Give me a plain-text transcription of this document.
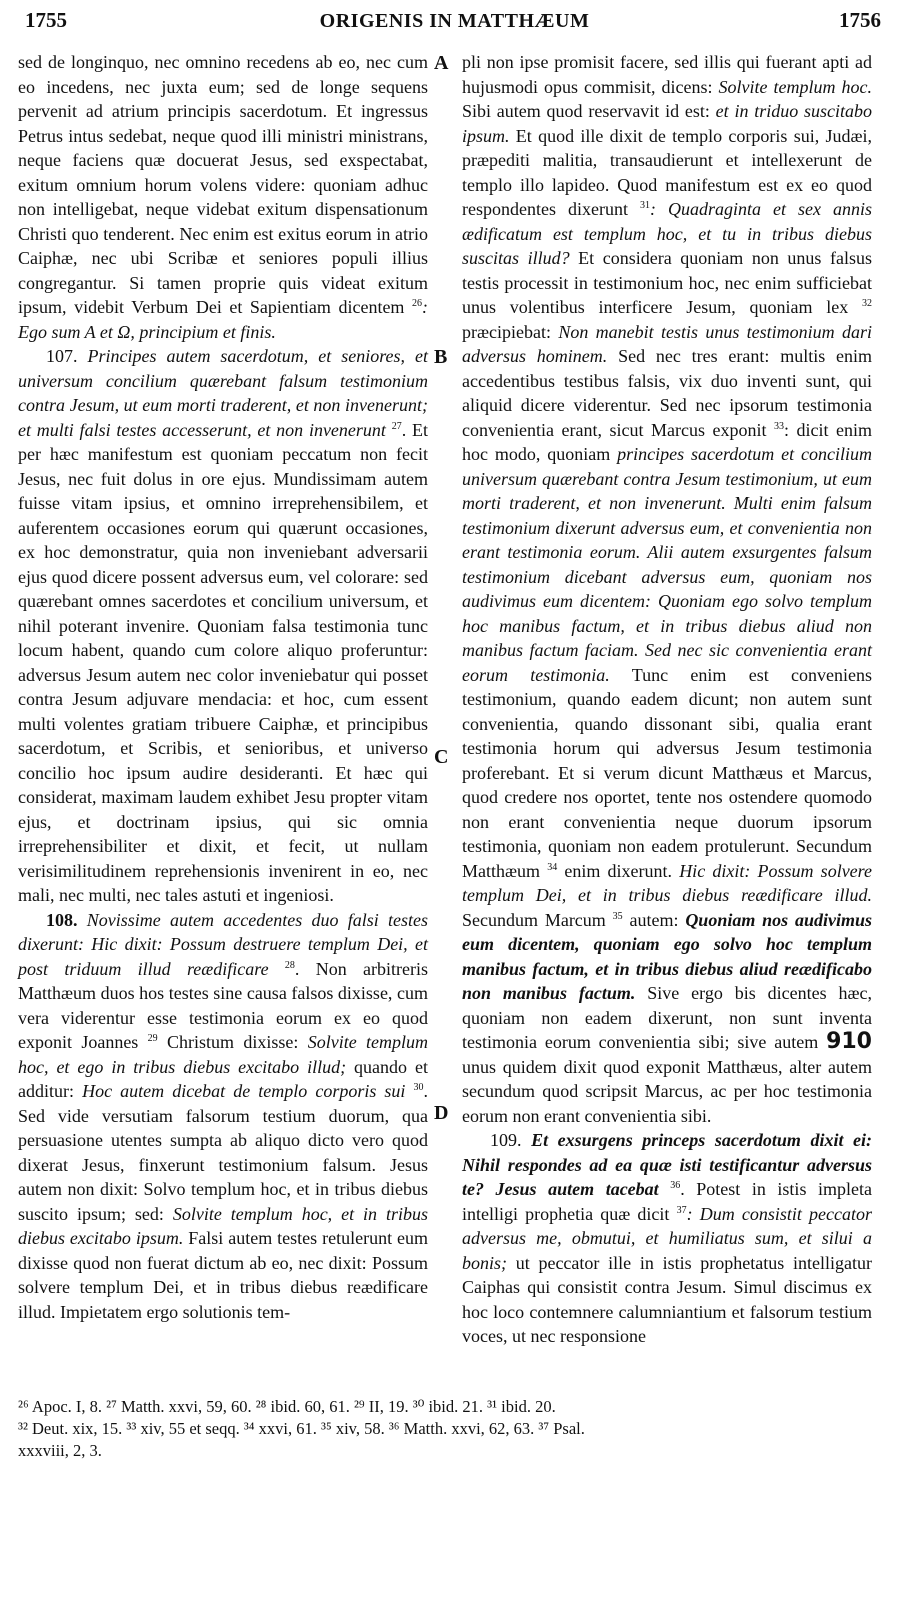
1755	ORIGENIS IN MATTHÆUM	1756
A
B
C
D

sed de longinquo, nec omnino recedens ab eo, nec cum eo incedens, nec juxta eum; sed de longe sequens pervenit ad atrium principis sacerdotum. Et ingressus Petrus intus sedebat, neque quod illi ministri ministrans, neque faciens quæ docuerat Jesus, sed exspectabat, exitum omnium horum volens videre: quoniam adhuc non intelligebat, neque videbat exitum dispensationum Christi quo tenderent. Nec enim est exitus eorum in atrio Caiphæ, nec ubi Scribæ et seniores populi illius congregantur. Si tamen proprie quis videat exitum ipsum, videbit Verbum Dei et Sapientiam dicentem $^{26}$: Ego sum A et Ω, principium et finis.

107. Principes autem sacerdotum, et seniores, et universum concilium quærebant falsum testimonium contra Jesum, ut eum morti traderent, et non invenerunt; et multi falsi testes accesserunt, et non invenerunt $^{27}$. Et per hæc manifestum est quoniam peccatum non fecit Jesus, nec fuit dolus in ore ejus. Mundissimam autem fuisse vitam ipsius, et omnino irreprehensibilem, et auferentem occasiones eorum qui quærunt occasiones, ex hoc demonstratur, quia non inveniebant adversarii ejus quod dicere possent adversus eum, vel colorare: sed quærebant omnes sacerdotes et concilium universum, et nihil poterant invenire. Quoniam falsa testimonia tunc locum habent, quando cum colore aliquo proferuntur: adversus Jesum autem nec color inveniebatur qui posset contra Jesum adjuvare mendacia: et hoc, cum essent multi volentes gratiam tribuere Caiphæ, et principibus sacerdotum, et Scribis, et senioribus, et universo concilio hoc ipsum audire desideranti. Et hæc qui considerat, maximam laudem exhibet Jesu propter vitam ejus, et doctrinam ipsius, qui sic omnia irreprehensibiliter et dixit, et fecit, ut nullam verisimilitudinem reprehensionis invenirent in eo, nec mali, nec multi, nec tales astuti et ingeniosi.

108. Novissime autem accedentes duo falsi testes dixerunt: Hic dixit: Possum destruere templum Dei, et post triduum illud reædificare $^{28}$. Non arbitreris Matthæum duos hos testes sine causa falsos dixisse, cum vera viderentur esse testimonia eorum ex eo quod exponit Joannes $^{29}$ Christum dixisse: Solvite templum hoc, et ego in tribus diebus excitabo illud; quando et additur: Hoc autem dicebat de templo corporis sui $^{30}$. Sed vide versutiam falsorum testium duorum, qua persuasione utentes sumpta ab aliquo dicto vero quod dixerat Jesus, finxerunt testimonium falsum. Jesus autem non dixit: Solvo templum hoc, et in tribus diebus suscito ipsum; sed: Solvite templum hoc, et in tribus diebus excitabo ipsum. Falsi autem testes retulerunt eum dixisse quod non fuerat dictum ab eo, nec dixit: Possum solvere templum Dei, et in tribus diebus reædificare illud. Impietatem ergo solutionis tem-

pli non ipse promisit facere, sed illis qui fuerant apti ad hujusmodi opus commisit, dicens: Solvite templum hoc. Sibi autem quod reservavit id est: et in triduo suscitabo ipsum. Et quod ille dixit de templo corporis sui, Judæi, præpediti malitia, transaudierunt et intellexerunt de templo illo lapideo. Quod manifestum est ex eo quod respondentes dixerunt $^{31}$: Quadraginta et sex annis ædificatum est templum hoc, et tu in tribus diebus suscitas illud? Et considera quoniam non unus falsus testis processit in testimonium hoc, nec enim sufficiebat unus volentibus interficere Jesum, quoniam lex $^{32}$ præcipiebat: Non manebit testis unus testimonium dari adversus hominem. Sed nec tres erant: multis enim accedentibus testibus falsis, vix duo inventi sunt, qui aliquid dicere viderentur. Sed nec ipsorum testimonia convenientia erant, sicut Marcus exponit $^{33}$: dicit enim hoc modo, quoniam principes sacerdotum et concilium universum quærebant contra Jesum testimonium, ut eum morti traderent, et non invenerunt. Multi enim falsum testimonium dixerunt adversus eum, et convenientia non erant testimonia eorum. Alii autem exsurgentes falsum testimonium dicebant adversus eum, quoniam nos audivimus eum dicentem: Quoniam ego solvo templum hoc manibus factum, et in tribus diebus aliud non manibus factum faciam. Sed nec sic convenientia erant eorum testimonia. Tunc enim est conveniens testimonium, quando eadem dicunt; non autem sunt convenientia, quando dissonant sibi, qualia erant testimonia horum qui adversus Jesum testimonia proferebant. Et si verum dicunt Matthæus et Marcus, quod credere nos oportet, tente nos ostendere quomodo non erant convenientia neque duorum ipsorum testimonia, quoniam non eadem protulerunt. Secundum Matthæum $^{34}$ enim dixerunt. Hic dixit: Possum solvere templum Dei, et in tribus diebus reædificare illud. Secundum Marcum $^{35}$ autem: Quoniam nos audivimus eum dicentem, quoniam ego solvo hoc templum manibus factum, et in tribus diebus aliud reædificabo non manibus factum. Sive ergo bis dicentes hæc, quoniam non eadem dixerunt, non sunt inventa testimonia eorum convenientia sibi; sive autem 910 unus quidem dixit quod exponit Matthæus, alter autem secundum quod scripsit Marcus, ac per hoc testimonia eorum non erant convenientia sibi.

109. Et exsurgens princeps sacerdotum dixit ei: Nihil respondes ad ea quæ isti testificantur adversus te? Jesus autem tacebat $^{36}$. Potest in istis impleta intelligi prophetia quæ dicit $^{37}$: Dum consistit peccator adversus me, obmutui, et humiliatus sum, et silui a bonis; ut peccator ille in istis prophetatus intelligatur Caiphas qui consistit contra Jesum. Simul discimus ex hoc loco contemnere calumniantium et falsorum testium voces, ut nec responsione

²⁶ Apoc. I, 8. ²⁷ Matth. xxvi, 59, 60. ²⁸ ibid. 60, 61. ²⁹ II, 19. ³⁰ ibid. 21. ³¹ ibid. 20.
³² Deut. xix, 15. ³³ xiv, 55 et seqq. ³⁴ xxvi, 61. ³⁵ xiv, 58. ³⁶ Matth. xxvi, 62, 63. ³⁷ Psal.
xxxviii, 2, 3.
